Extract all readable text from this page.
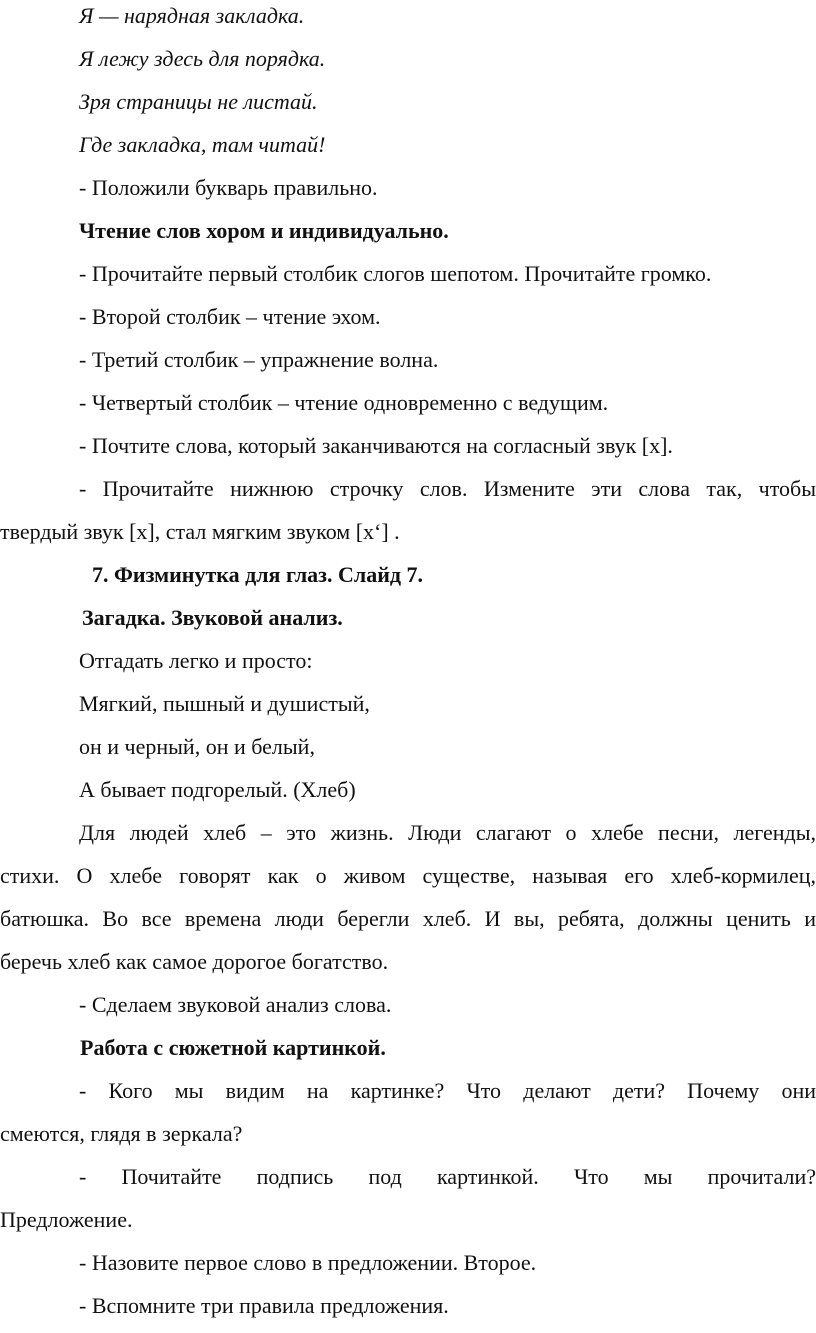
Я — нарядная закладка.

Я лежу здесь для порядка.

Зря страницы не листай.

Где закладка, там читай!

- Положили букварь правильно.

Чтение слов хором и индивидуально.

- Прочитайте первый столбик слогов шепотом. Прочитайте громко.

- Второй столбик – чтение эхом.

- Третий столбик – упражнение волна.

- Четвертый столбик – чтение одновременно с ведущим.

- Почтите слова, который заканчиваются на согласный звук [х].

- Прочитайте нижнюю строчку слов. Измените эти слова так, чтобы

твердый звук [х], стал мягким звуком [х‘] .

7. Физминутка для глаз. Слайд 7.

Загадка. Звуковой анализ.

Отгадать легко и просто:

Мягкий, пышный и душистый,

он и черный, он и белый,

А бывает подгорелый. (Хлеб)

Для людей хлеб – это жизнь. Люди слагают о хлебе песни, легенды,

стихи. О хлебе говорят как о живом существе, называя его хлеб-кормилец,

батюшка. Во все времена люди берегли хлеб. И вы, ребята, должны ценить и

беречь хлеб как самое дорогое богатство.

- Сделаем звуковой анализ слова.

Работа с сюжетной картинкой.

- Кого мы видим на картинке? Что делают дети? Почему они

смеются, глядя в зеркала?

- Почитайте подпись под картинкой. Что мы прочитали?

Предложение.

- Назовите первое слово в предложении. Второе.

- Вспомните три правила предложения.
